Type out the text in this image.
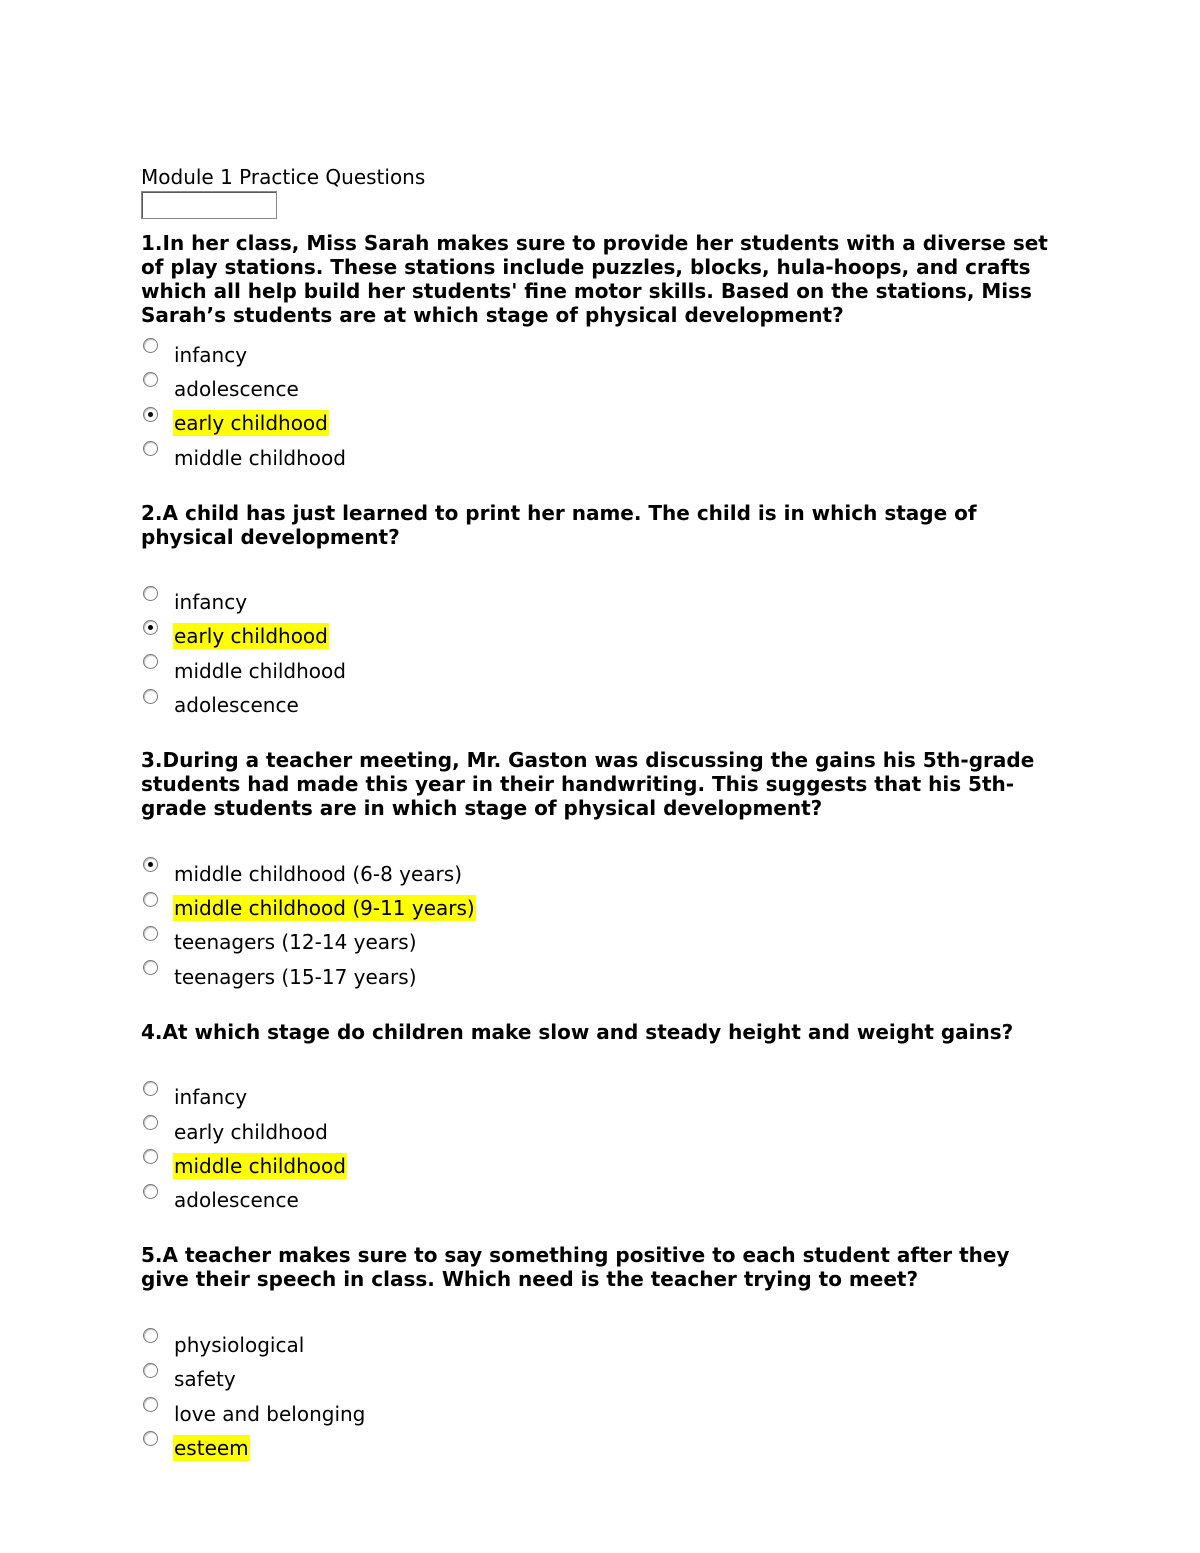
Module 1 Practice Questions
1.In her class, Miss Sarah makes sure to provide her students with a diverse set of play stations. These stations include puzzles, blocks, hula-hoops, and crafts which all help build her students' fine motor skills. Based on the stations, Miss Sarah’s students are at which stage of physical development?
infancy
adolescence
early childhood
middle childhood
2.A child has just learned to print her name. The child is in which stage of physical development?
infancy
early childhood
middle childhood
adolescence
3.During a teacher meeting, Mr. Gaston was discussing the gains his 5th-grade students had made this year in their handwriting. This suggests that his 5th-grade students are in which stage of physical development?
middle childhood (6-8 years)
middle childhood (9-11 years)
teenagers (12-14 years)
teenagers (15-17 years)
4.At which stage do children make slow and steady height and weight gains?
infancy
early childhood
middle childhood
adolescence
5.A teacher makes sure to say something positive to each student after they give their speech in class. Which need is the teacher trying to meet?
physiological
safety
love and belonging
esteem
